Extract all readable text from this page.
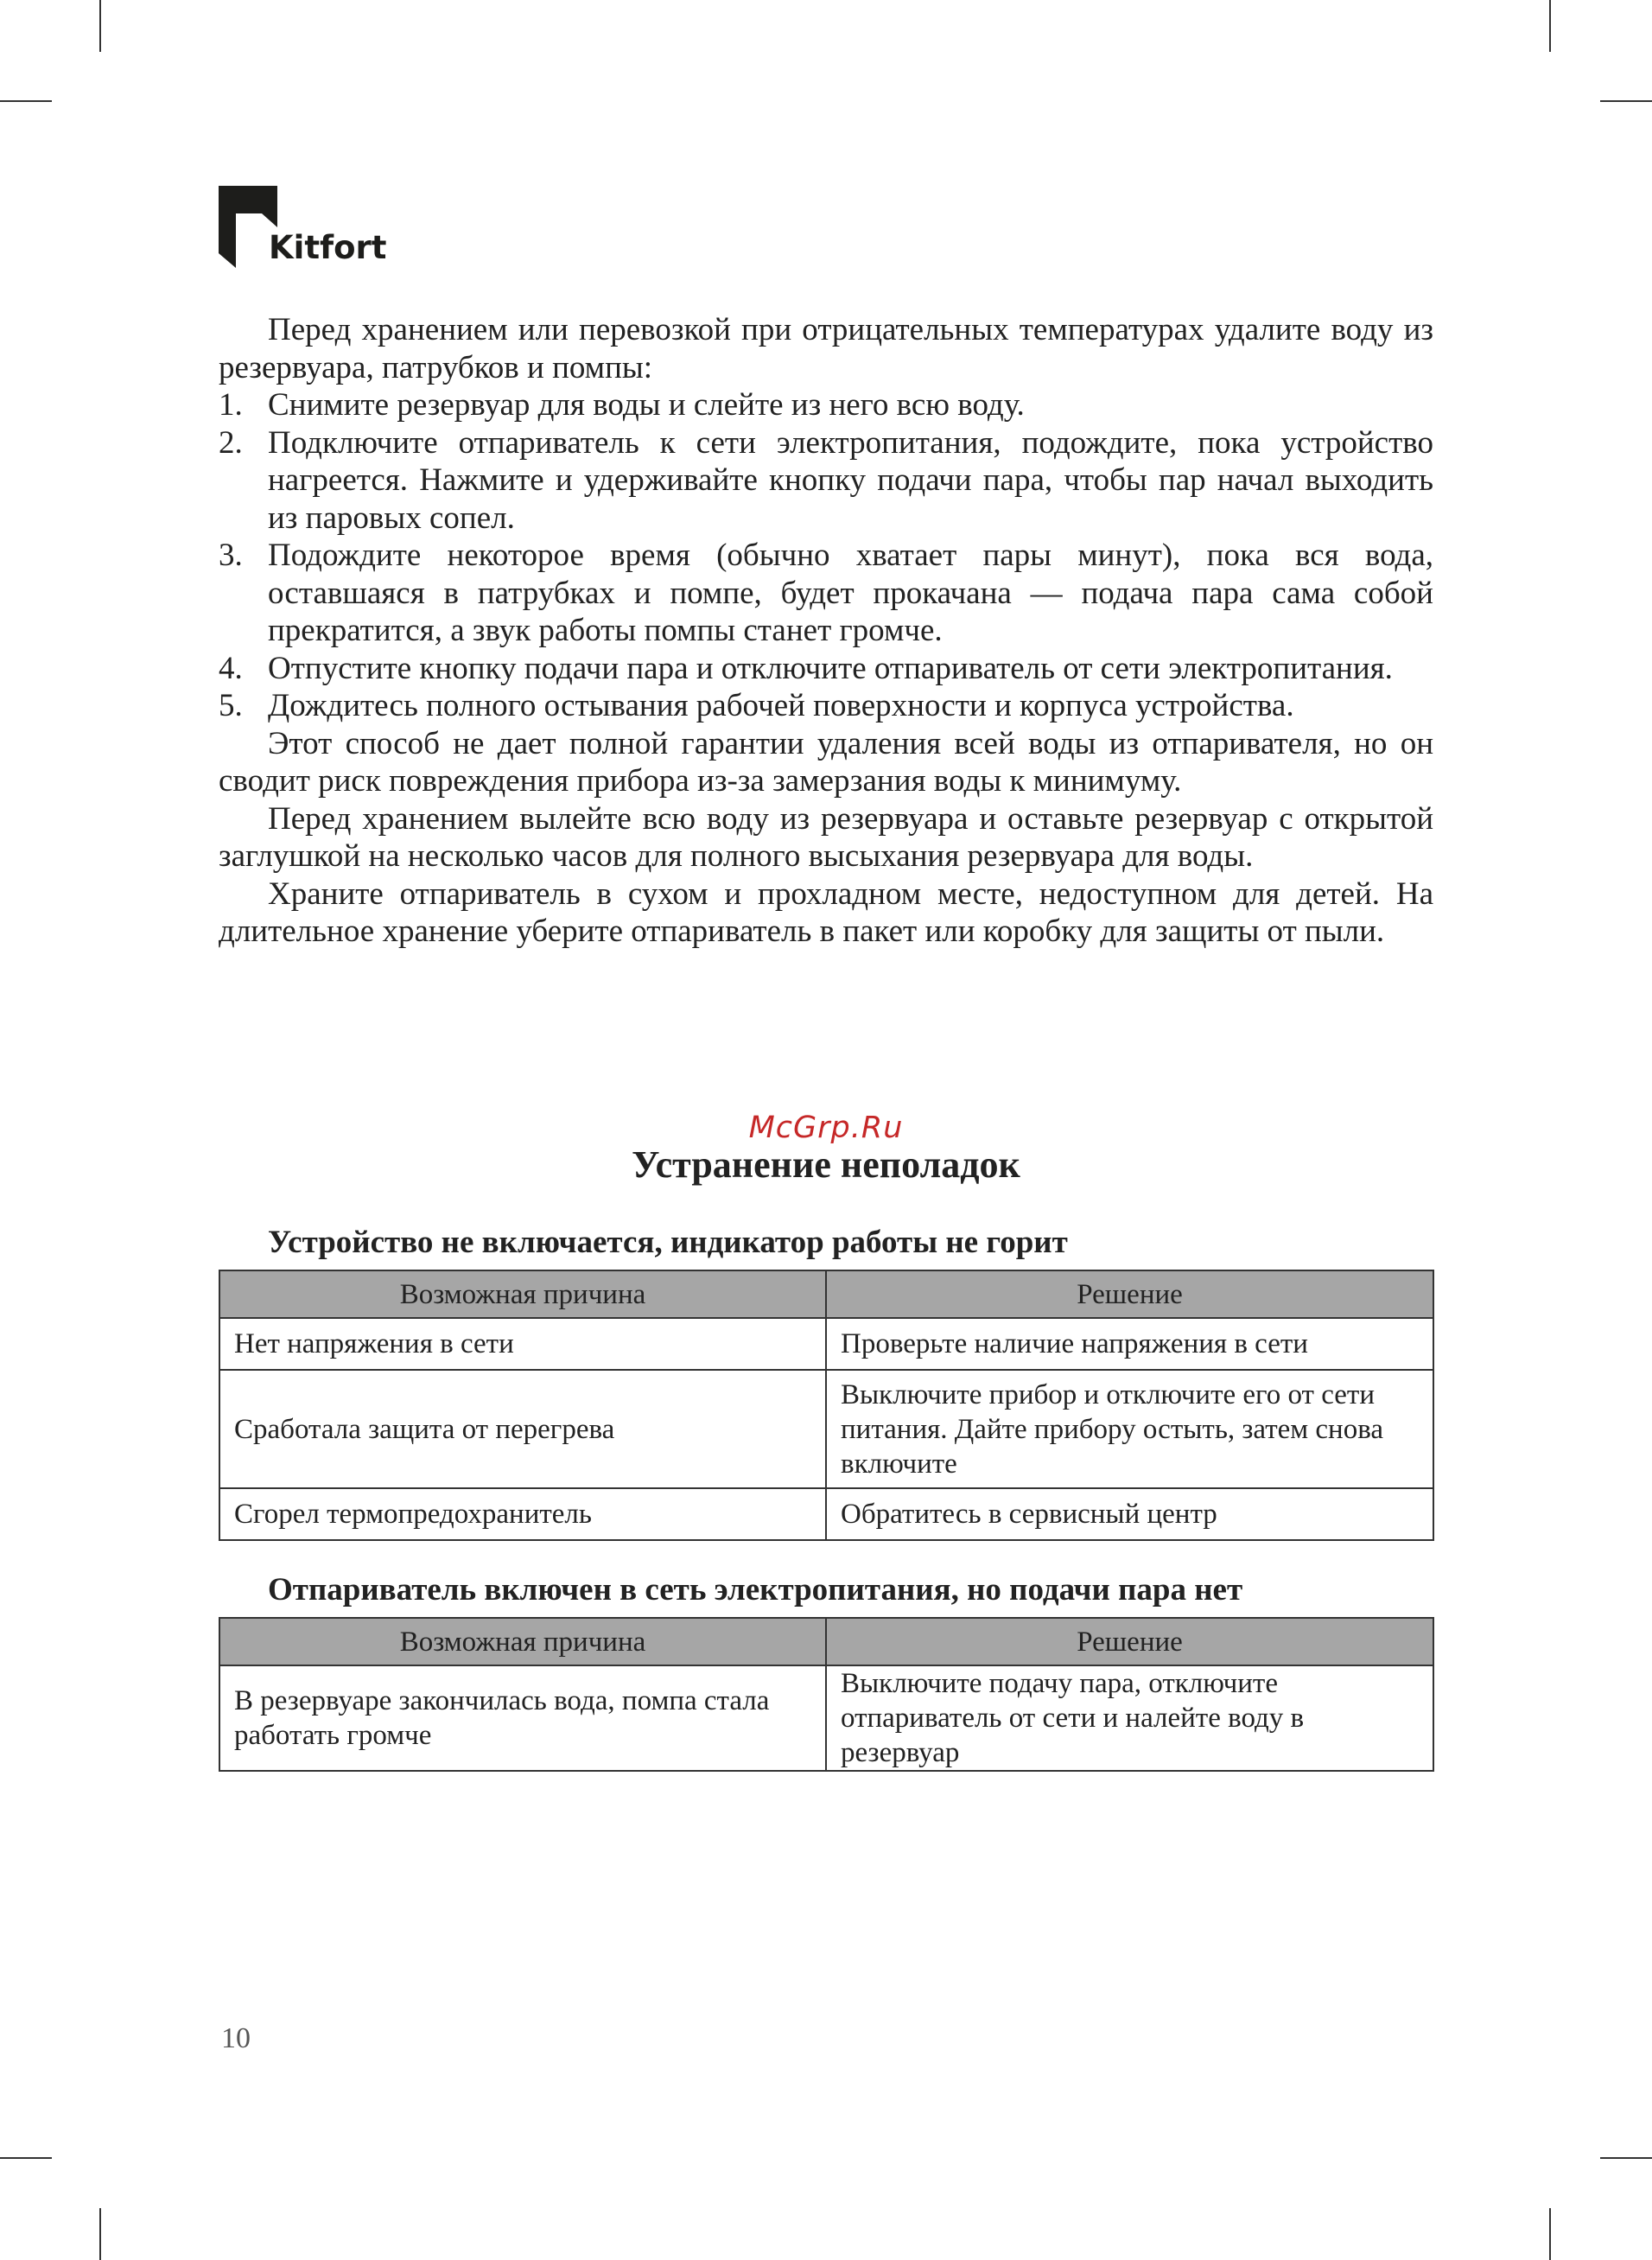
Kitfort

Перед хранением или перевозкой при отрицательных температурах удалите воду из резервуара, патрубков и помпы:

1. Снимите резервуар для воды и слейте из него всю воду.
2. Подключите отпариватель к сети электропитания, подождите, пока устройство нагреется. Нажмите и удерживайте кнопку подачи пара, чтобы пар начал выходить из паровых сопел.
3. Подождите некоторое время (обычно хватает пары минут), пока вся вода, оставшаяся в патрубках и помпе, будет прокачана — подача пара сама собой прекратится, а звук работы помпы станет громче.
4. Отпустите кнопку подачи пара и отключите отпариватель от сети электропитания.
5. Дождитесь полного остывания рабочей поверхности и корпуса устройства.

Этот способ не дает полной гарантии удаления всей воды из отпаривателя, но он сводит риск повреждения прибора из-за замерзания воды к минимуму.

Перед хранением вылейте всю воду из резервуара и оставьте резервуар с открытой заглушкой на несколько часов для полного высыхания резервуара для воды.

Храните отпариватель в сухом и прохладном месте, недоступном для детей. На длительное хранение уберите отпариватель в пакет или коробку для защиты от пыли.

McGrp.Ru
Устранение неполадок
Устройство не включается, индикатор работы не горит
Возможная причина	Решение
Нет напряжения в сети	Проверьте наличие напряжения в сети
Сработала защита от перегрева	Выключите прибор и отключите его от сети питания. Дайте прибору остыть, затем снова включите
Сгорел термопредохранитель	Обратитесь в сервисный центр
Отпариватель включен в сеть электропитания, но подачи пара нет
Возможная причина	Решение
В резервуаре закончилась вода, помпа стала работать громче	Выключите подачу пара, отключите отпариватель от сети и налейте воду в резервуар
10
